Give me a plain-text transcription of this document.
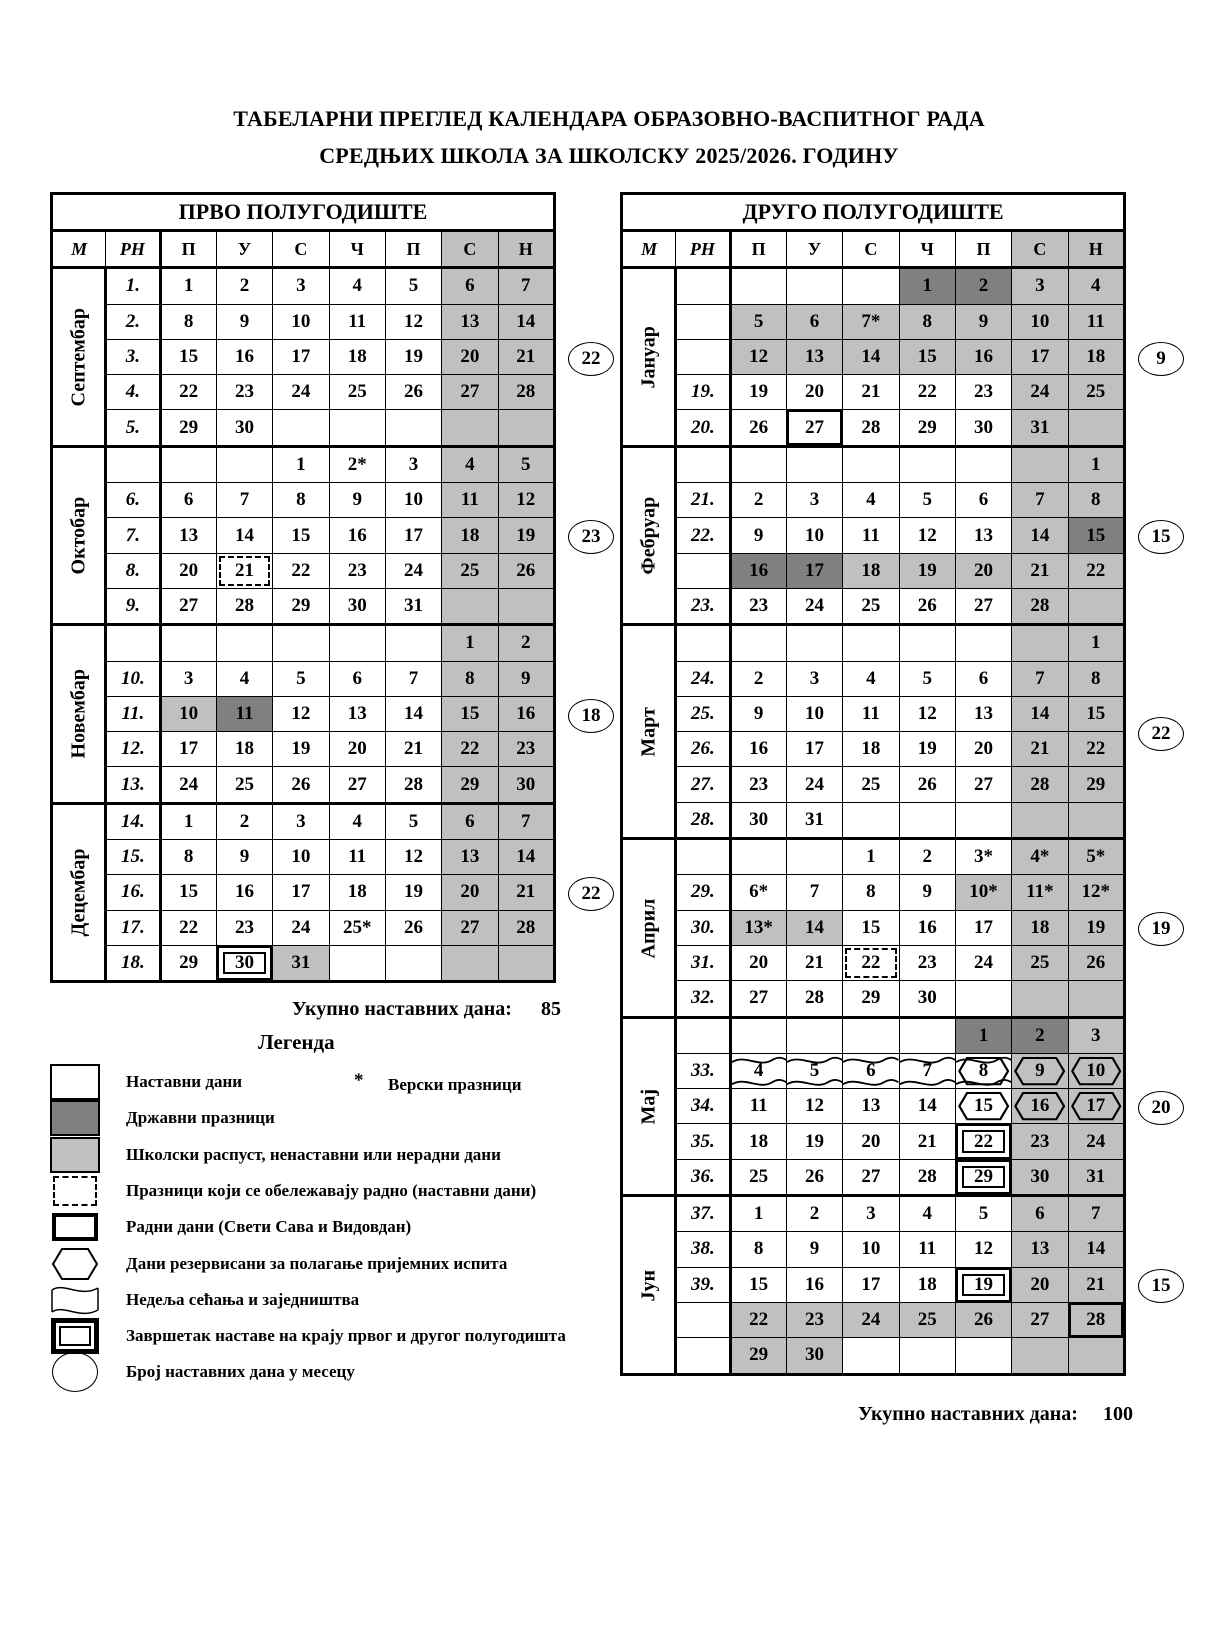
ТАБЕЛАРНИ ПРЕГЛЕД КАЛЕНДАРА ОБРАЗОВНО-ВАСПИТНОГ РАДА
СРЕДЊИХ ШКОЛА ЗА ШКОЛСКУ 2025/2026. ГОДИНУ
ПРВО ПОЛУГОДИШТЕ								
М	РН	П	У	С	Ч	П	С	Н
Септембар	1.	1	2	3	4	5	6	7
	2.	8	9	10	11	12	13	14
	3.	15	16	17	18	19	20	21
	4.	22	23	24	25	26	27	28
	5.	29	30					
Октобар				1	2*	3	4	5
	6.	6	7	8	9	10	11	12
	7.	13	14	15	16	17	18	19
	8.	20	21	22	23	24	25	26
	9.	27	28	29	30	31		
Новембар							1	2
	10.	3	4	5	6	7	8	9
	11.	10	11	12	13	14	15	16
	12.	17	18	19	20	21	22	23
	13.	24	25	26	27	28	29	30
Децембар	14.	1	2	3	4	5	6	7
	15.	8	9	10	11	12	13	14
	16.	15	16	17	18	19	20	21
	17.	22	23	24	25*	26	27	28
	18.	29	30	31				
ДРУГО ПОЛУГОДИШТЕ								
М	РН	П	У	С	Ч	П	С	Н
Јануар					1	2	3	4
		5	6	7*	8	9	10	11
		12	13	14	15	16	17	18
	19.	19	20	21	22	23	24	25
	20.	26	27	28	29	30	31	
Фебруар								1
	21.	2	3	4	5	6	7	8
	22.	9	10	11	12	13	14	15
		16	17	18	19	20	21	22
	23.	23	24	25	26	27	28	
Март								1
	24.	2	3	4	5	6	7	8
	25.	9	10	11	12	13	14	15
	26.	16	17	18	19	20	21	22
	27.	23	24	25	26	27	28	29
	28.	30	31					
Април				1	2	3*	4*	5*
	29.	6*	7	8	9	10*	11*	12*
	30.	13*	14	15	16	17	18	19
	31.	20	21	22	23	24	25	26
	32.	27	28	29	30			
Мај						1	2	3
	33.	4	5	6	7	8	9	10

	34.	11	12	13	14	15	16	17

	35.	18	19	20	21	22	23	24
	36.	25	26	27	28	29	30	31
Јун	37.	1	2	3	4	5	6	7
	38.	8	9	10	11	12	13	14
	39.	15	16	17	18	19	20	21
		22	23	24	25	26	27	28

		29	30					
22
23
18
22
9
15
22
19
20
15
Укупно наставних дана: 85
Укупно наставних дана: 100
Легенда
Наставни дани
Државни празници
Школски распуст, ненаставни или нерадни дани
Празници који се обележавају радно (наставни дани)
Радни дани (Свети Сава и Видовдан)
Дани резервисани за полагање пријемних испита
Недеља сећања и заједништва
Завршетак наставе на крају првог и другог полугодишта
Број наставних дана у месецу
* Верски празници
